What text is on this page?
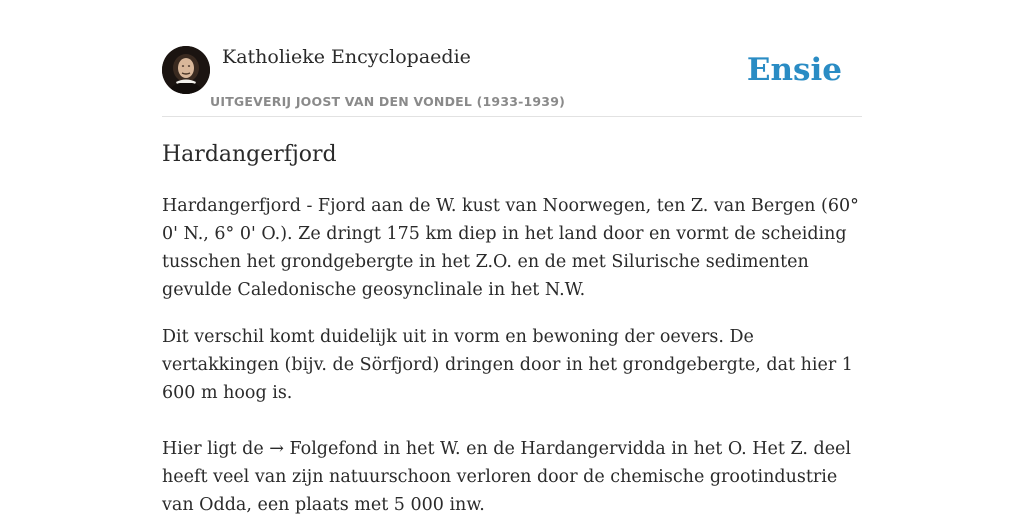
Katholieke Encyclopaedie
UITGEVERIJ JOOST VAN DEN VONDEL (1933-1939)
Ensie
Hardangerfjord

Hardangerfjord - Fjord aan de W. kust van Noorwegen, ten Z. van Bergen (60° 0' N., 6° 0' O.). Ze dringt 175 km diep in het land door en vormt de scheiding tusschen het grondgebergte in het Z.O. en de met Silurische sedimenten gevulde Caledonische geosynclinale in het N.W.

Dit verschil komt duidelijk uit in vorm en bewoning der oevers. De vertakkingen (bijv. de Sörfjord) dringen door in het grondgebergte, dat hier 1 600 m hoog is.

Hier ligt de → Folgefond in het W. en de Hardangervidda in het O. Het Z. deel heeft veel van zijn natuurschoon verloren door de chemische grootindustrie van Odda, een plaats met 5 000 inw.
